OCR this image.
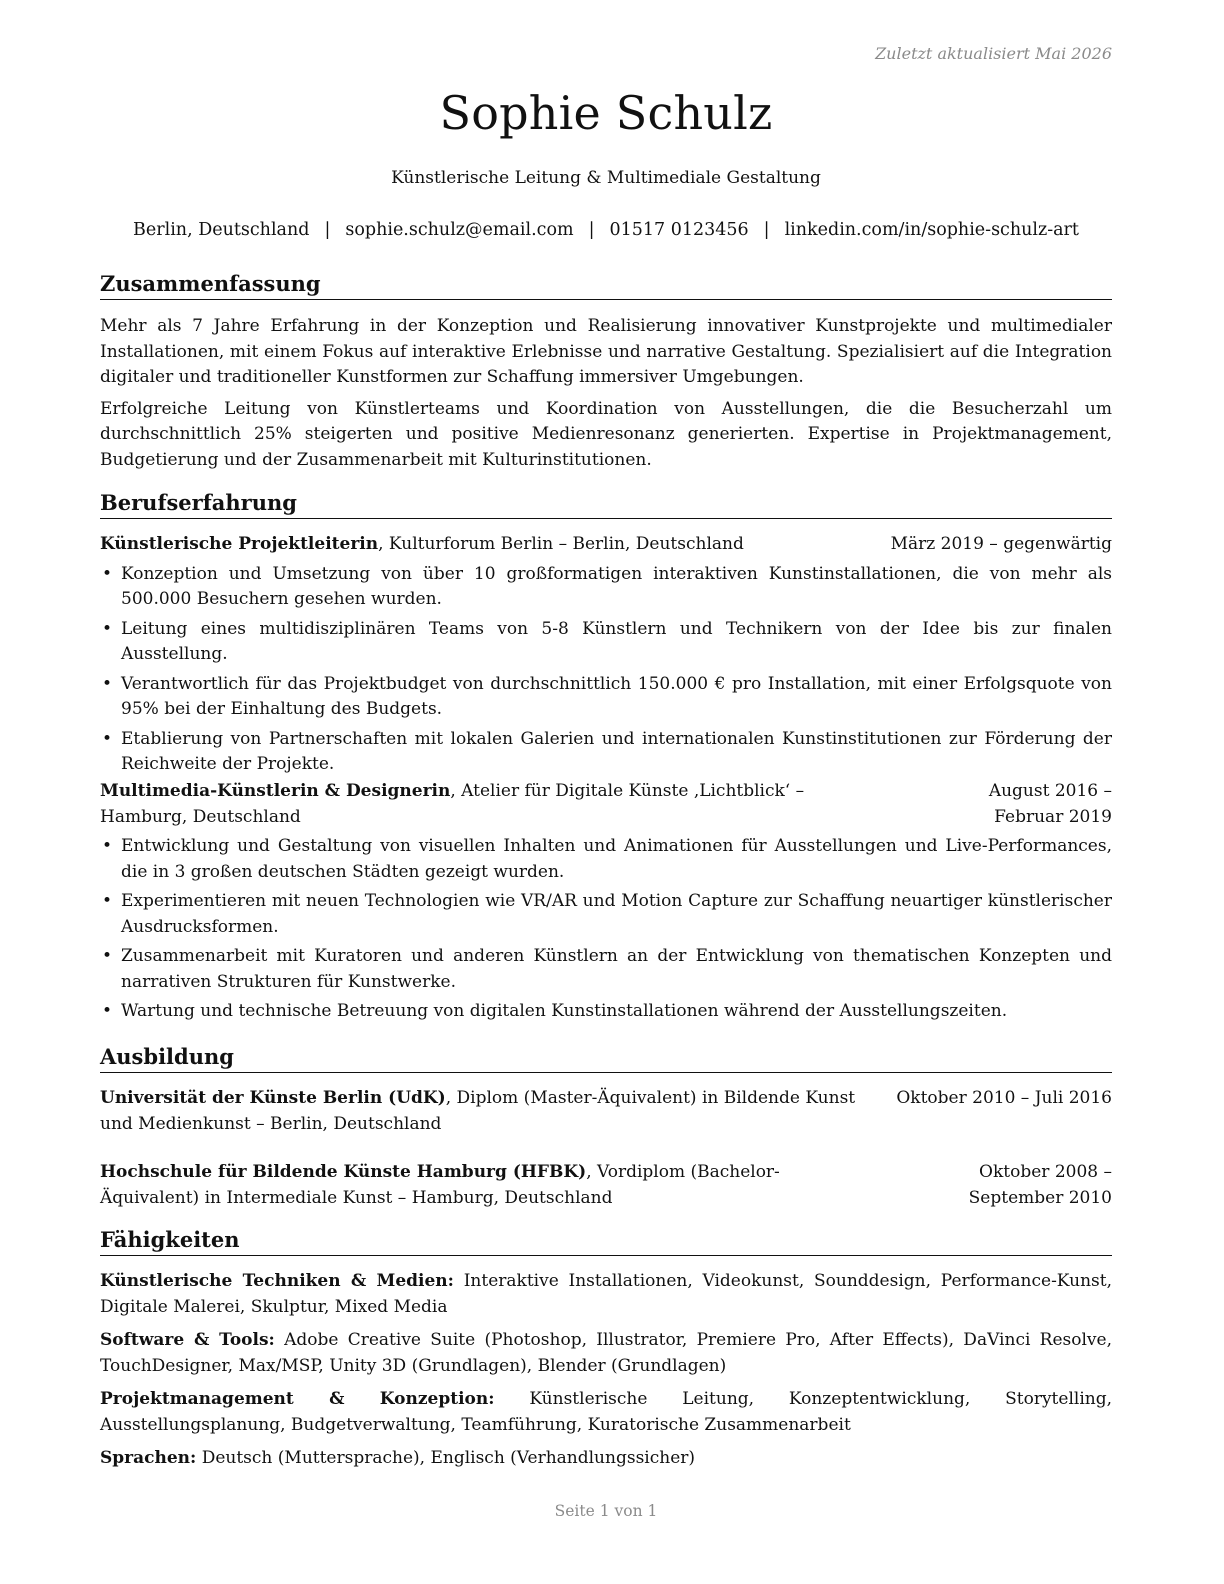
Zuletzt aktualisiert Mai 2026
Sophie Schulz
Künstlerische Leitung & Multimediale Gestaltung
Berlin, Deutschland | sophie.schulz@email.com | 01517 0123456 | linkedin.com/in/sophie-schulz-art
Zusammenfassung

Mehr als 7 Jahre Erfahrung in der Konzeption und Realisierung innovativer Kunstprojekte und multimedialer Installationen, mit einem Fokus auf interaktive Erlebnisse und narrative Gestaltung. Spezialisiert auf die Integration digitaler und traditioneller Kunstformen zur Schaffung immersiver Umgebungen.

Erfolgreiche Leitung von Künstlerteams und Koordination von Ausstellungen, die die Besucherzahl um durchschnittlich 25% steigerten und positive Medienresonanz generierten. Expertise in Projektmanagement, Budgetierung und der Zusammenarbeit mit Kulturinstitutionen.

Berufserfahrung
Künstlerische Projektleiterin, Kulturforum Berlin – Berlin, Deutschland	März 2019 – gegenwärtig
• Konzeption und Umsetzung von über 10 großformatigen interaktiven Kunstinstallationen, die von mehr als 500.000 Besuchern gesehen wurden.
• Leitung eines multidisziplinären Teams von 5-8 Künstlern und Technikern von der Idee bis zur finalen Ausstellung.
• Verantwortlich für das Projektbudget von durchschnittlich 150.000 € pro Installation, mit einer Erfolgsquote von 95% bei der Einhaltung des Budgets.
• Etablierung von Partnerschaften mit lokalen Galerien und internationalen Kunstinstitutionen zur Förderung der Reichweite der Projekte.
Multimedia-Künstlerin & Designerin, Atelier für Digitale Künste ‚Lichtblick‘ – Hamburg, Deutschland
August 2016 – Februar 2019
• Entwicklung und Gestaltung von visuellen Inhalten und Animationen für Ausstellungen und Live-Performances, die in 3 großen deutschen Städten gezeigt wurden.
• Experimentieren mit neuen Technologien wie VR/AR und Motion Capture zur Schaffung neuartiger künstlerischer Ausdrucksformen.
• Zusammenarbeit mit Kuratoren und anderen Künstlern an der Entwicklung von thematischen Konzepten und narrativen Strukturen für Kunstwerke.
• Wartung und technische Betreuung von digitalen Kunstinstallationen während der Ausstellungszeiten.
Ausbildung
Universität der Künste Berlin (UdK), Diplom (Master-Äquivalent) in Bildende Kunst und Medienkunst – Berlin, Deutschland
Oktober 2010 – Juli 2016
Hochschule für Bildende Künste Hamburg (HFBK), Vordiplom (Bachelor-Äquivalent) in Intermediale Kunst – Hamburg, Deutschland
Oktober 2008 – September 2010
Fähigkeiten

Künstlerische Techniken & Medien: Interaktive Installationen, Videokunst, Sounddesign, Performance-Kunst, Digitale Malerei, Skulptur, Mixed Media

Software & Tools: Adobe Creative Suite (Photoshop, Illustrator, Premiere Pro, After Effects), DaVinci Resolve, TouchDesigner, Max/MSP, Unity 3D (Grundlagen), Blender (Grundlagen)

Projektmanagement & Konzeption: Künstlerische Leitung, Konzeptentwicklung, Storytelling, Ausstellungsplanung, Budgetverwaltung, Teamführung, Kuratorische Zusammenarbeit

Sprachen: Deutsch (Muttersprache), Englisch (Verhandlungssicher)

Seite 1 von 1
